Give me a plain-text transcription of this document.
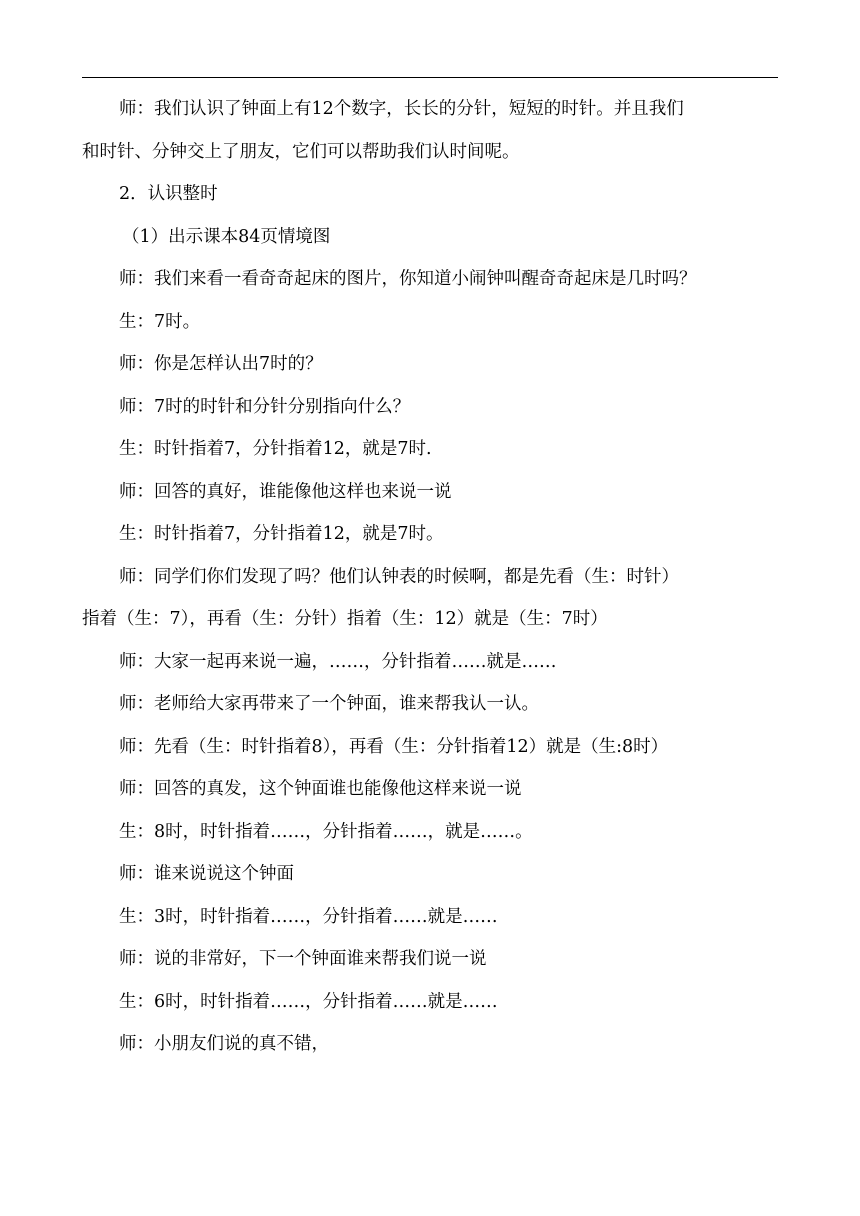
师：我们认识了钟面上有12个数字，长长的分针，短短的时针。并且我们
和时针、分钟交上了朋友，它们可以帮助我们认时间呢。
2．认识整时
（1）出示课本84页情境图
师：我们来看一看奇奇起床的图片，你知道小闹钟叫醒奇奇起床是几时吗？
生：7时。
师：你是怎样认出7时的？
师：7时的时针和分针分别指向什么？
生：时针指着7，分针指着12，就是7时.
师：回答的真好，谁能像他这样也来说一说
生：时针指着7，分针指着12，就是7时。
师：同学们你们发现了吗？他们认钟表的时候啊，都是先看（生：时针）
指着（生：7），再看（生：分针）指着（生：12）就是（生：7时）
师：大家一起再来说一遍，……，分针指着……就是……
师：老师给大家再带来了一个钟面，谁来帮我认一认。
师：先看（生：时针指着8），再看（生：分针指着12）就是（生:8时）
师：回答的真发，这个钟面谁也能像他这样来说一说
生：8时，时针指着……，分针指着……，就是……。
师：谁来说说这个钟面
生：3时，时针指着……，分针指着……就是……
师：说的非常好，下一个钟面谁来帮我们说一说
生：6时，时针指着……，分针指着……就是……
师：小朋友们说的真不错，
